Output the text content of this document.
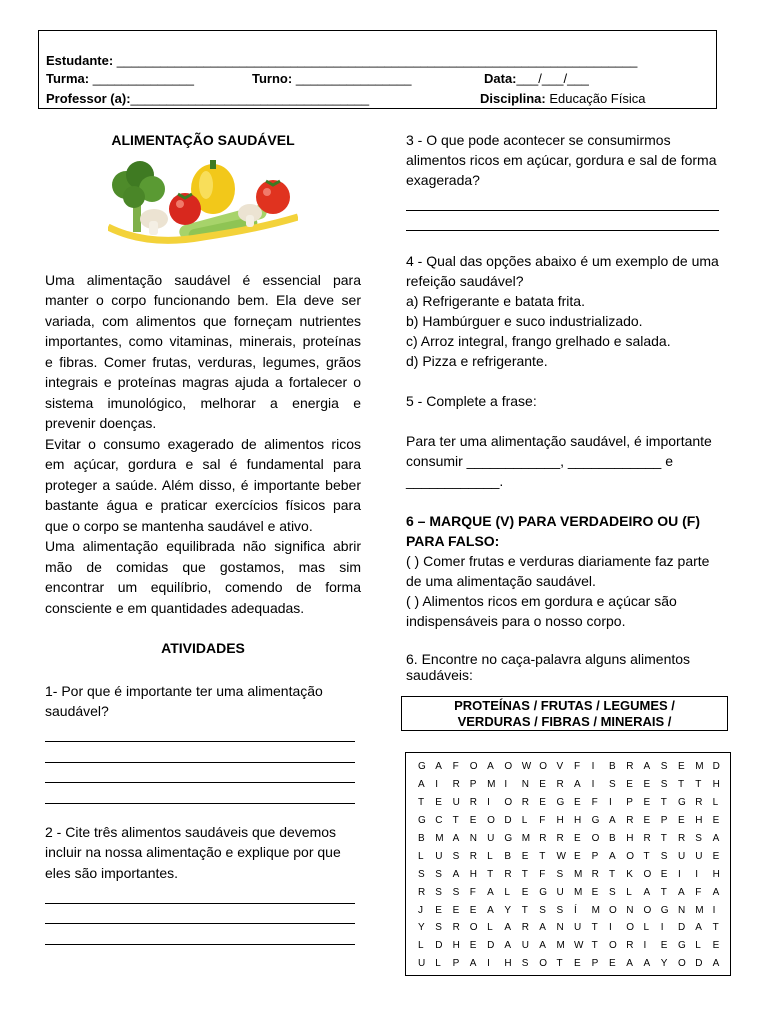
Estudante: ________________________________________________________________________
Turma: ______________	Turno: ________________	Data:___/___/___
Professor (a):_________________________________	Disciplina: Educação Física

ALIMENTAÇÃO SAUDÁVEL

Uma alimentação saudável é essencial para manter o corpo funcionando bem. Ela deve ser variada, com alimentos que forneçam nutrientes importantes, como vitaminas, minerais, proteínas e fibras. Comer frutas, verduras, legumes, grãos integrais e proteínas magras ajuda a fortalecer o sistema imunológico, melhorar a energia e prevenir doenças.

Evitar o consumo exagerado de alimentos ricos em açúcar, gordura e sal é fundamental para proteger a saúde. Além disso, é importante beber bastante água e praticar exercícios físicos para que o corpo se mantenha saudável e ativo.

Uma alimentação equilibrada não significa abrir mão de comidas que gostamos, mas sim encontrar um equilíbrio, comendo de forma consciente e em quantidades adequadas.

ATIVIDADES

1- Por que é importante ter uma alimentação saudável?

2 - Cite três alimentos saudáveis que devemos incluir na nossa alimentação e explique por que eles são importantes.

3 - O que pode acontecer se consumirmos alimentos ricos em açúcar, gordura e sal de forma exagerada?

4 - Qual das opções abaixo é um exemplo de uma refeição saudável?

a) Refrigerante e batata frita.

b) Hambúrguer e suco industrializado.

c) Arroz integral, frango grelhado e salada.

d) Pizza e refrigerante.

5 - Complete a frase:

Para ter uma alimentação saudável, é importante consumir ____________, ____________ e ____________.

6 – MARQUE (V) PARA VERDADEIRO OU (F) PARA FALSO:

( ) Comer frutas e verduras diariamente faz parte de uma alimentação saudável.

( ) Alimentos ricos em gordura e açúcar são indispensáveis para o nosso corpo.

6. Encontre no caça-palavra alguns alimentos saudáveis:

PROTEÍNAS / FRUTAS / LEGUMES /
VERDURAS / FIBRAS / MINERAIS /
G	A	F	O	A	O	W	O	V	F	I	B	R	A	S	E	M	D
A	I	R	P	M	I	N	E	R	A	I	S	E	E	S	T	T	H
T	E	U	R	I	O	R	E	G	E	F	I	P	E	T	G	R	L
G	C	T	E	O	D	L	F	H	H	G	A	R	E	P	E	H	E
B	M	A	N	U	G	M	R	R	E	O	B	H	R	T	R	S	A
L	U	S	R	L	B	E	T	W	E	P	A	O	T	S	U	U	E
S	S	A	H	T	R	T	F	S	M	R	T	K	O	E	I	I	H
R	S	S	F	A	L	E	G	U	M	E	S	L	A	T	A	F	A
J	E	E	E	A	Y	T	S	S	Í	M	O	N	O	G	N	M	I
Y	S	R	O	L	A	R	A	N	U	T	I	O	L	I	D	A	T
L	D	H	E	D	A	U	A	M	W	T	O	R	I	E	G	L	E
U	L	P	A	I	H	S	O	T	E	P	E	A	A	Y	O	D	A
